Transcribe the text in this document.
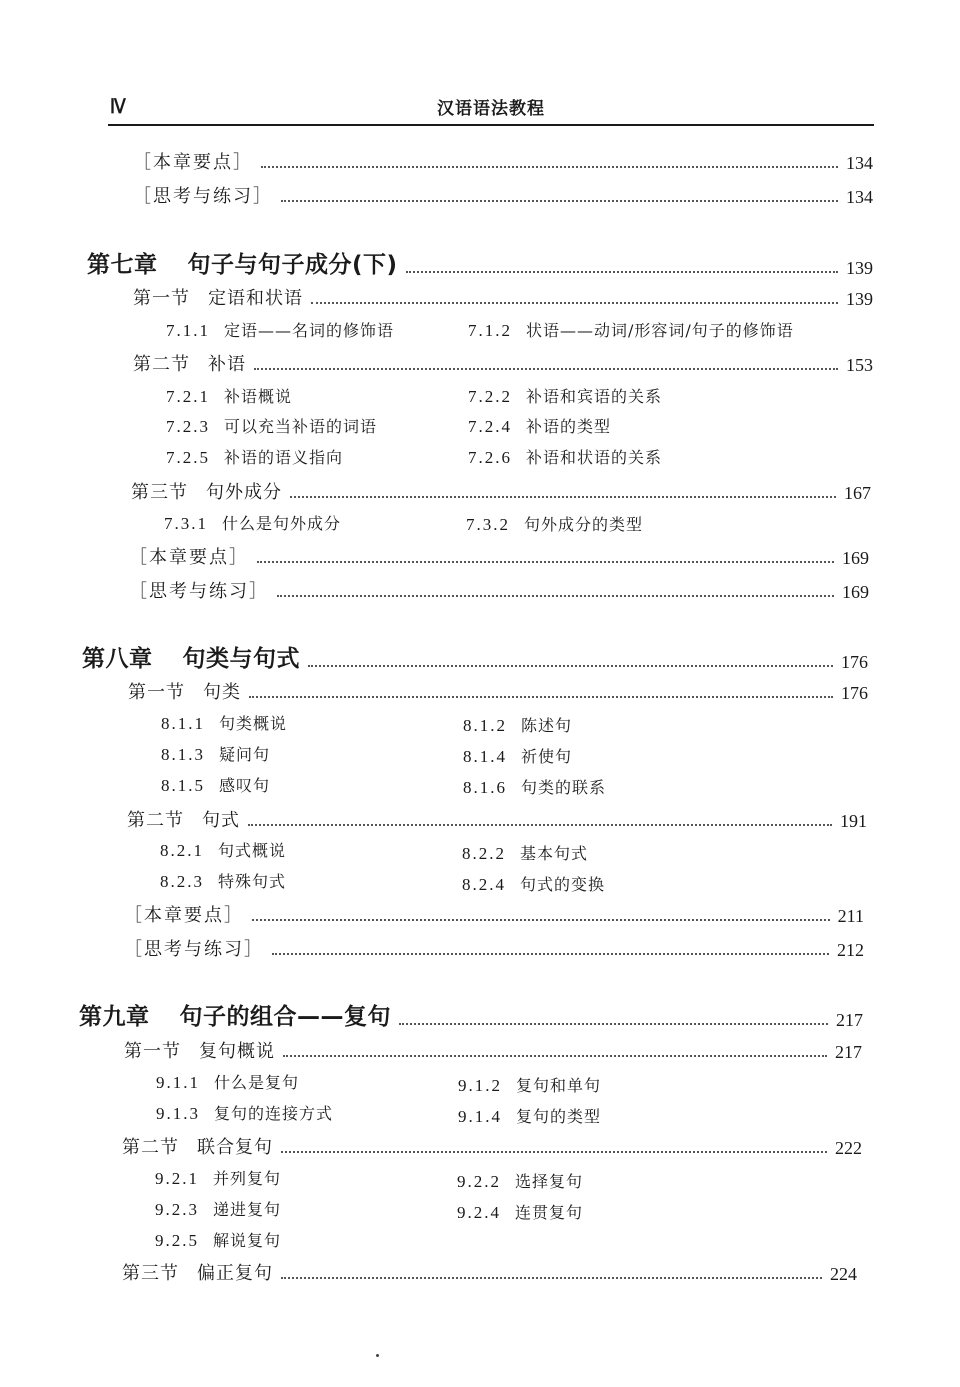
Ⅳ	汉语语法教程
［本章要点］	134
［思考与练习］	134
第七章 句子与句子成分(下)	139
第一节 定语和状语	139
7.1.1 定语——名词的修饰语	7.1.2 状语——动词/形容词/句子的修饰语
第二节 补语	153
7.2.1 补语概说	7.2.2 补语和宾语的关系
7.2.3 可以充当补语的词语	7.2.4 补语的类型
7.2.5 补语的语义指向	7.2.6 补语和状语的关系
第三节 句外成分	167
7.3.1 什么是句外成分	7.3.2 句外成分的类型
［本章要点］	169
［思考与练习］	169
第八章 句类与句式	176
第一节 句类	176
8.1.1 句类概说	8.1.2 陈述句
8.1.3 疑问句	8.1.4 祈使句
8.1.5 感叹句	8.1.6 句类的联系
第二节 句式	191
8.2.1 句式概说	8.2.2 基本句式
8.2.3 特殊句式	8.2.4 句式的变换
［本章要点］	211
［思考与练习］	212
第九章 句子的组合——复句	217
第一节 复句概说	217
9.1.1 什么是复句	9.1.2 复句和单句
9.1.3 复句的连接方式	9.1.4 复句的类型
第二节 联合复句	222
9.2.1 并列复句	9.2.2 选择复句
9.2.3 递进复句	9.2.4 连贯复句
9.2.5 解说复句
第三节 偏正复句	224
